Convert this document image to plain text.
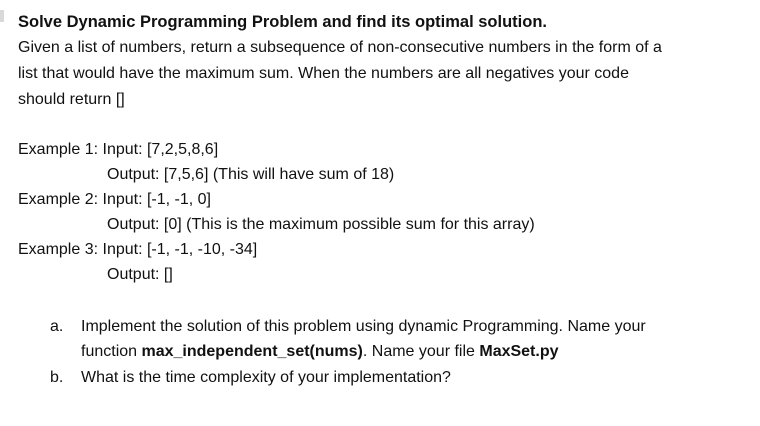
Solve Dynamic Programming Problem and find its optimal solution.
Given a list of numbers, return a subsequence of non-consecutive numbers in the form of a
list that would have the maximum sum. When the numbers are all negatives your code
should return []
Example 1: Input: [7,2,5,8,6]
Output: [7,5,6] (This will have sum of 18)
Example 2: Input: [-1, -1, 0]
Output: [0] (This is the maximum possible sum for this array)
Example 3: Input: [-1, -1, -10, -34]
Output: []
a. Implement the solution of this problem using dynamic Programming. Name your
function max_independent_set(nums). Name your file MaxSet.py
b. What is the time complexity of your implementation?
